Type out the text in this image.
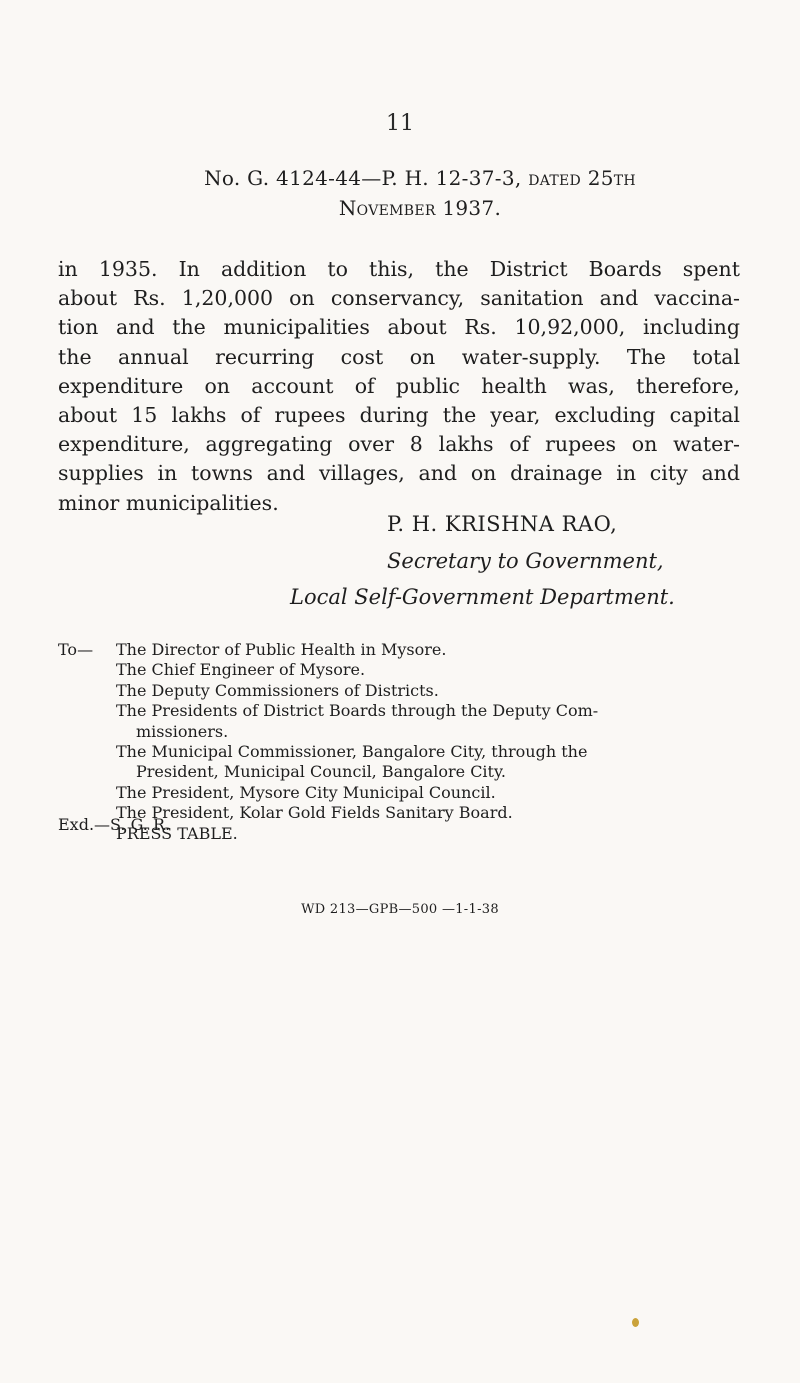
11
No. G. 4124-44—P. H. 12-37-3, dated 25th
November 1937.
in 1935. In addition to this, the District Boards spent
about Rs. 1,20,000 on conservancy, sanitation and vaccina-
tion and the municipalities about Rs. 10,92,000, including
the annual recurring cost on water-supply. The total
expenditure on account of public health was, therefore,
about 15 lakhs of rupees during the year, excluding capital
expenditure, aggregating over 8 lakhs of rupees on water-
supplies in towns and villages, and on drainage in city and
minor municipalities.
P. H. KRISHNA RAO,
Secretary to Government,
Local Self-Government Department.
To— The Director of Public Health in Mysore.
The Chief Engineer of Mysore.
The Deputy Commissioners of Districts.
The Presidents of District Boards through the Deputy Com-
missioners.
The Municipal Commissioner, Bangalore City, through the
President, Municipal Council, Bangalore City.
The President, Mysore City Municipal Council.
The President, Kolar Gold Fields Sanitary Board.
PRESS TABLE.
Exd.—S. G. R.
WD 213—GPB—500 —1-1-38
